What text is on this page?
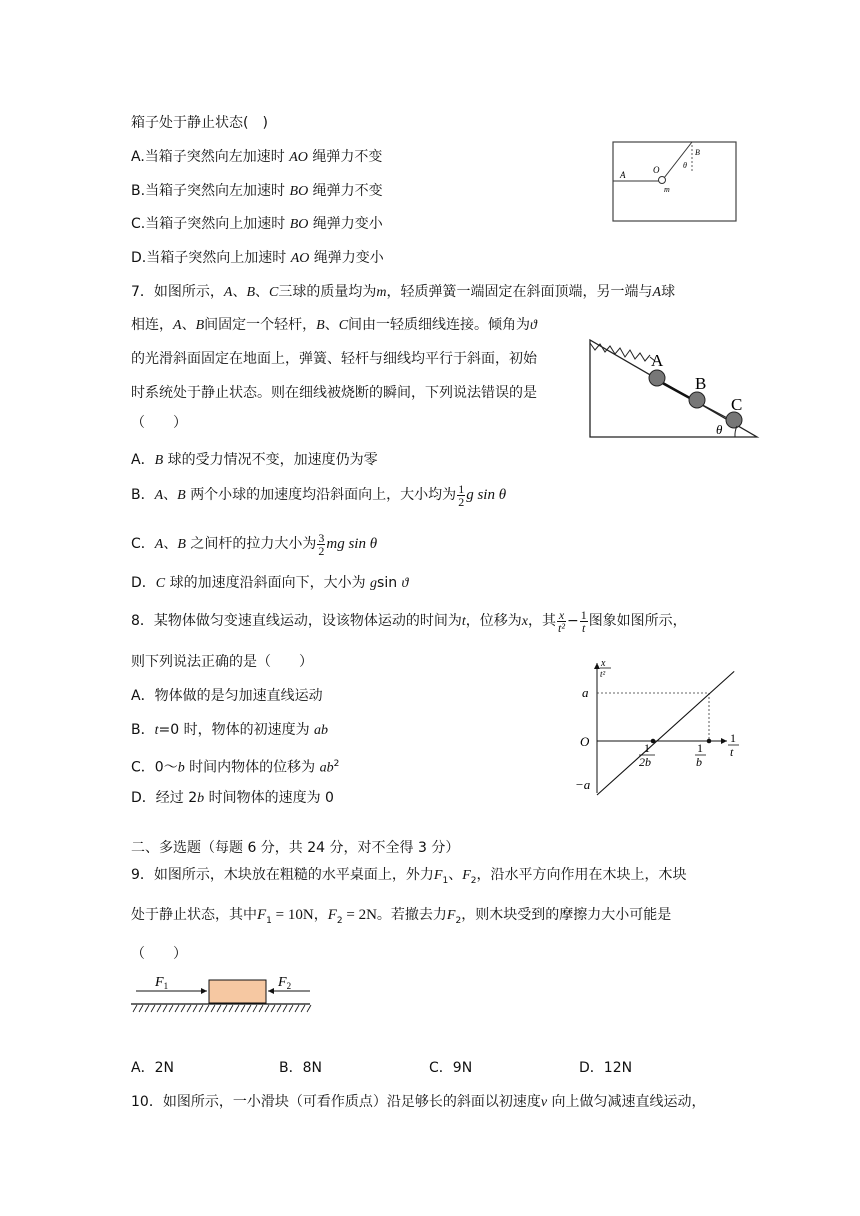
箱子处于静止状态(　)
A.当箱子突然向左加速时 AO 绳弹力不变
B.当箱子突然向左加速时 BO 绳弹力不变
C.当箱子突然向上加速时 BO 绳弹力变小
D.当箱子突然向上加速时 AO 绳弹力变小
A	O
B
m
θ
7．如图所示，A、B、C三球的质量均为m，轻质弹簧一端固定在斜面顶端，另一端与A球
相连，A、B间固定一个轻杆，B、C间由一轻质细线连接。倾角为ϑ
的光滑斜面固定在地面上，弹簧、轻杆与细线均平行于斜面，初始
时系统处于静止状态。则在细线被烧断的瞬间，下列说法错误的是
（　　）
A
B
C
θ
A．B 球的受力情况不变，加速度仍为零
B．A、B 两个小球的加速度均沿斜面向上，大小均为 $\frac{1}{2}$ g sin θ
C．A、B 之间杆的拉力大小为 $\frac{3}{2}$ mg sin θ
D．C 球的加速度沿斜面向下，大小为 gsin ϑ
8．某物体做匀变速直线运动，设该物体运动的时间为t，位移为x，其 $\frac{x}{\text{t²}} - \frac{1}{t}$ 图象如图所示，
则下列说法正确的是（　　）
A．物体做的是匀加速直线运动
B．t=0 时，物体的初速度为 ab
C．0～b 时间内物体的位移为 $ab^2$
D．经过 2b 时间物体的速度为 0
x
t²
a
O
−a
1
2b
1
b
1
t
二、多选题（每题 6 分，共 24 分，对不全得 3 分）
9．如图所示，木块放在粗糙的水平桌面上，外力$F_1$、$F_2$，沿水平方向作用在木块上，木块
处于静止状态，其中$F_1 = 10N$，$F_2 = 2N$。若撤去力$F_2$，则木块受到的摩擦力大小可能是
（　　）
$F_1$	$F_2$
A．2N	B．8N	C．9N	D．12N
10．如图所示，一小滑块（可看作质点）沿足够长的斜面以初速度v 向上做匀减速直线运动，
